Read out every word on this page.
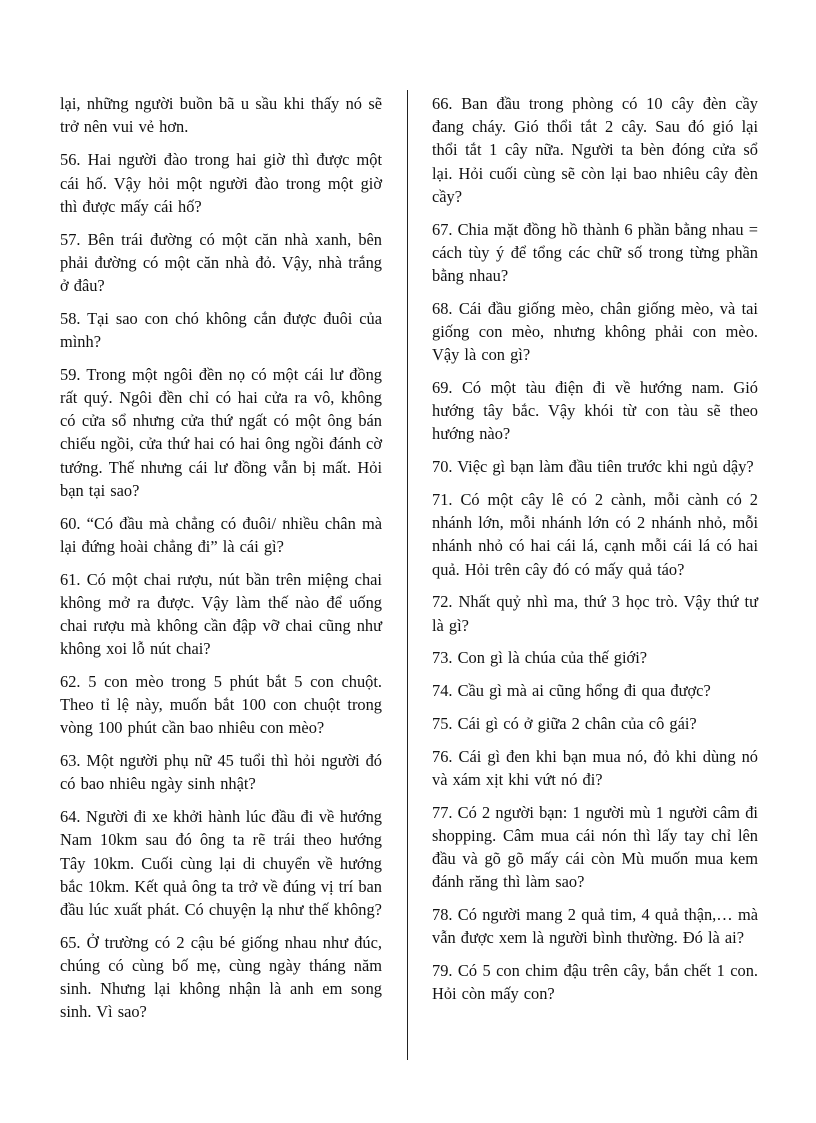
lại, những người buồn bã u sầu khi thấy nó sẽ trở nên vui vẻ hơn.

56. Hai người đào trong hai giờ thì được một cái hố. Vậy hỏi một người đào trong một giờ thì được mấy cái hố?

57. Bên trái đường có một căn nhà xanh, bên phải đường có một căn nhà đỏ. Vậy, nhà trắng ở đâu?

58. Tại sao con chó không cắn được đuôi của mình?

59. Trong một ngôi đền nọ có một cái lư đồng rất quý. Ngôi đền chỉ có hai cửa ra vô, không có cửa sổ nhưng cửa thứ ngất có một ông bán chiếu ngồi, cửa thứ hai có hai ông ngồi đánh cờ tướng. Thế nhưng cái lư đồng vẫn bị mất. Hỏi bạn tại sao?

60. “Có đầu mà chẳng có đuôi/ nhiều chân mà lại đứng hoài chẳng đi” là cái gì?

61. Có một chai rượu, nút bần trên miệng chai không mở ra được. Vậy làm thế nào để uống chai rượu mà không cần đập vỡ chai cũng như không xoi lỗ nút chai?

62. 5 con mèo trong 5 phút bắt 5 con chuột. Theo tỉ lệ này, muốn bắt 100 con chuột trong vòng 100 phút cần bao nhiêu con mèo?

63. Một người phụ nữ 45 tuổi thì hỏi người đó có bao nhiêu ngày sinh nhật?

64. Người đi xe khởi hành lúc đầu đi về hướng Nam 10km sau đó ông ta rẽ trái theo hướng Tây 10km. Cuối cùng lại di chuyển về hướng bắc 10km. Kết quả ông ta trở về đúng vị trí ban đầu lúc xuất phát. Có chuyện lạ như thế không?

65. Ở trường có 2 cậu bé giống nhau như đúc, chúng có cùng bố mẹ, cùng ngày tháng năm sinh. Nhưng lại không nhận là anh em song sinh. Vì sao?

66. Ban đầu trong phòng có 10 cây đèn cầy đang cháy. Gió thổi tắt 2 cây. Sau đó gió lại thổi tắt 1 cây nữa. Người ta bèn đóng cửa sổ lại. Hỏi cuối cùng sẽ còn lại bao nhiêu cây đèn cầy?

67. Chia mặt đồng hồ thành 6 phần bằng nhau = cách tùy ý để tổng các chữ số trong từng phần bằng nhau?

68. Cái đầu giống mèo, chân giống mèo, và tai giống con mèo, nhưng không phải con mèo. Vậy là con gì?

69. Có một tàu điện đi về hướng nam. Gió hướng tây bắc. Vậy khói từ con tàu sẽ theo hướng nào?

70. Việc gì bạn làm đầu tiên trước khi ngủ dậy?

71. Có một cây lê có 2 cành, mỗi cành có 2 nhánh lớn, mỗi nhánh lớn có 2 nhánh nhỏ, mỗi nhánh nhỏ có hai cái lá, cạnh mỗi cái lá có hai quả. Hỏi trên cây đó có mấy quả táo?

72. Nhất quỷ nhì ma, thứ 3 học trò. Vậy thứ tư là gì?

73. Con gì là chúa của thế giới?

74. Cầu gì mà ai cũng hổng đi qua được?

75. Cái gì có ở giữa 2 chân của cô gái?

76. Cái gì đen khi bạn mua nó, đỏ khi dùng nó và xám xịt khi vứt nó đi?

77. Có 2 người bạn: 1 người mù 1 người câm đi shopping. Câm mua cái nón thì lấy tay chỉ lên đầu và gõ gõ mấy cái còn Mù muốn mua kem đánh răng thì làm sao?

78. Có người mang 2 quả tim, 4 quả thận,… mà vẫn được xem là người bình thường. Đó là ai?

79. Có 5 con chim đậu trên cây, bắn chết 1 con. Hỏi còn mấy con?
